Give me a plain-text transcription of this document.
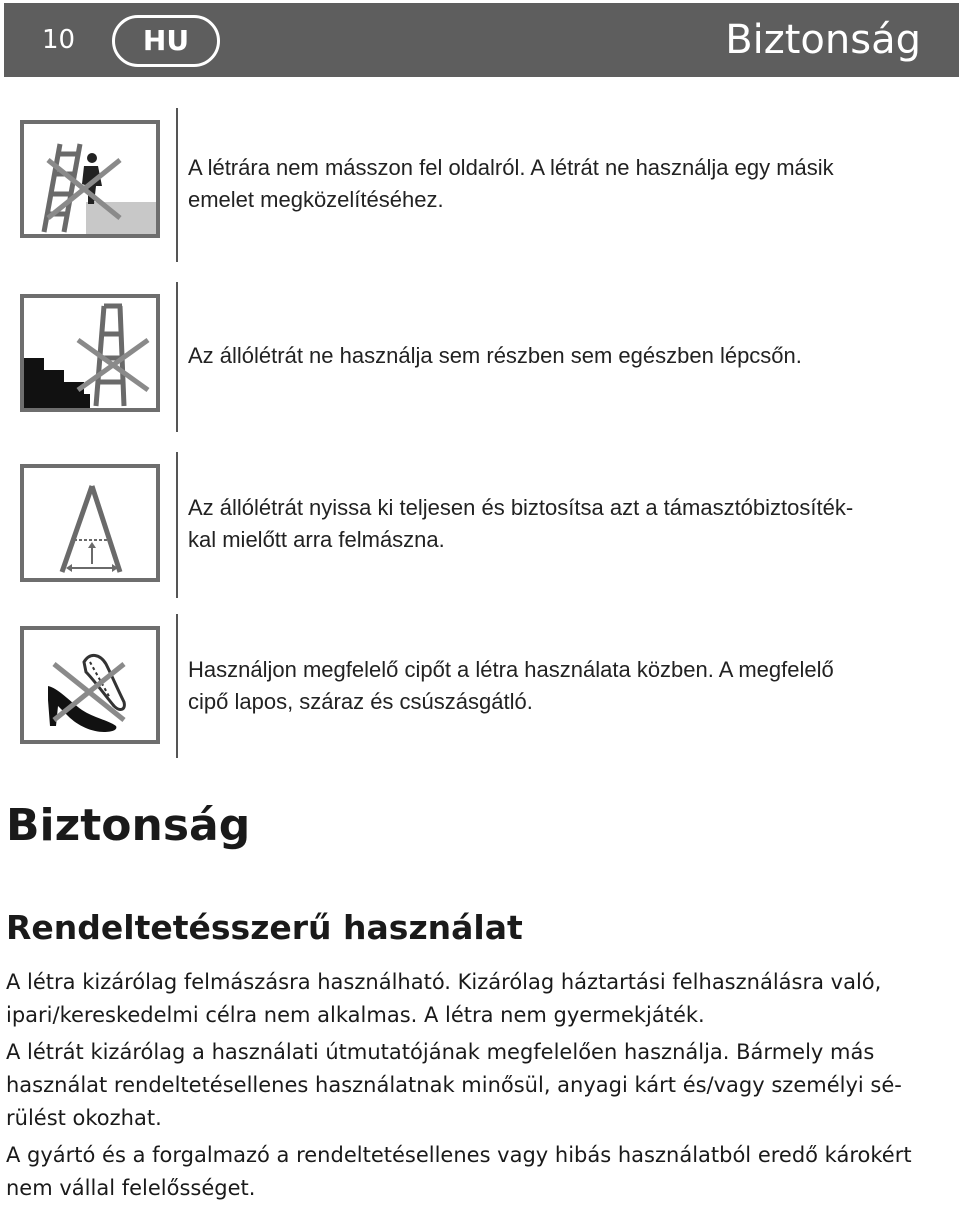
10	HU	Biztonság
A létrára nem másszon fel oldalról. A létrát ne használja egy másik
emelet megközelítéséhez.
Az állólétrát ne használja sem részben sem egészben lépcsőn.
Az állólétrát nyissa ki teljesen és biztosítsa azt a támasztóbiztosíték-
kal mielőtt arra felmászna.
Használjon megfelelő cipőt a létra használata közben. A megfelelő
cipő lapos, száraz és csúszásgátló.
Biztonság
Rendeltetésszerű használat
A létra kizárólag felmászásra használható. Kizárólag háztartási felhasználásra való,
ipari/kereskedelmi célra nem alkalmas. A létra nem gyermekjáték.
A létrát kizárólag a használati útmutatójának megfelelően használja. Bármely más
használat rendeltetésellenes használatnak minősül, anyagi kárt és/vagy személyi sé-
rülést okozhat.
A gyártó és a forgalmazó a rendeltetésellenes vagy hibás használatból eredő károkért
nem vállal felelősséget.
